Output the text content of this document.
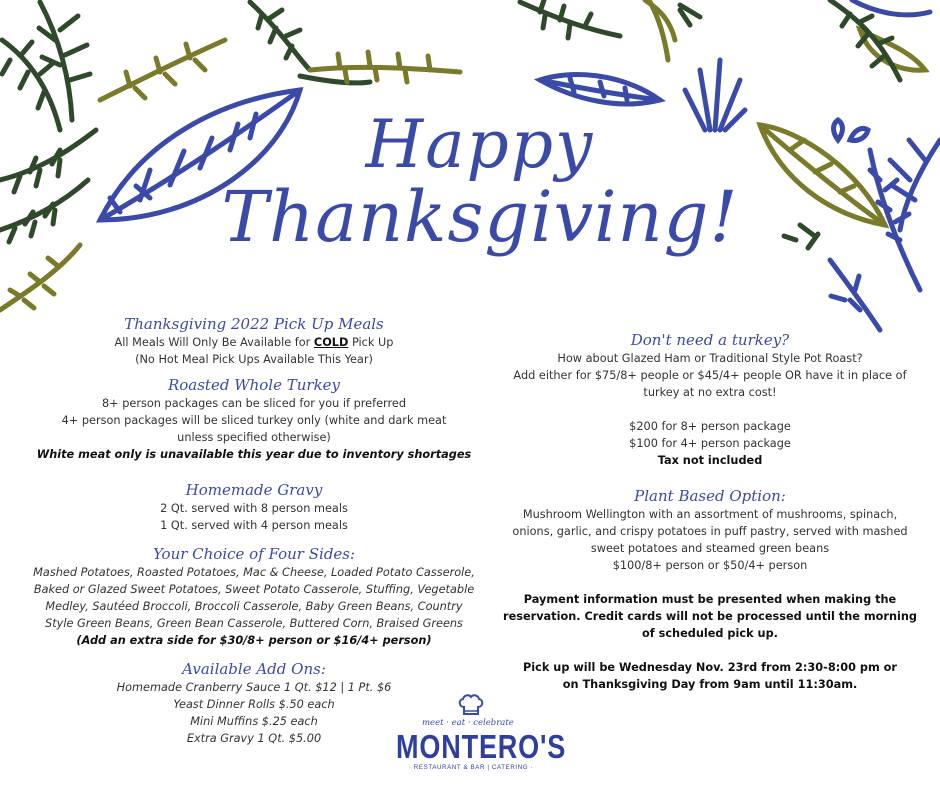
Happy
Thanksgiving!

Thanksgiving 2022 Pick Up Meals

All Meals Will Only Be Available for COLD Pick Up

(No Hot Meal Pick Ups Available This Year)

Roasted Whole Turkey

8+ person packages can be sliced for you if preferred

4+ person packages will be sliced turkey only (white and dark meat

unless specified otherwise)

White meat only is unavailable this year due to inventory shortages

Homemade Gravy

2 Qt. served with 8 person meals

1 Qt. served with 4 person meals

Your Choice of Four Sides:

Mashed Potatoes, Roasted Potatoes, Mac & Cheese, Loaded Potato Casserole,

Baked or Glazed Sweet Potatoes, Sweet Potato Casserole, Stuffing, Vegetable

Medley, Sautéed Broccoli, Broccoli Casserole, Baby Green Beans, Country

Style Green Beans, Green Bean Casserole, Buttered Corn, Braised Greens

(Add an extra side for $30/8+ person or $16/4+ person)

Available Add Ons:

Homemade Cranberry Sauce 1 Qt. $12 | 1 Pt. $6

Yeast Dinner Rolls $.50 each

Mini Muffins $.25 each

Extra Gravy 1 Qt. $5.00

Don't need a turkey?

How about Glazed Ham or Traditional Style Pot Roast?

Add either for $75/8+ people or $45/4+ people OR have it in place of

turkey at no extra cost!

$200 for 8+ person package

$100 for 4+ person package

Tax not included

Plant Based Option:

Mushroom Wellington with an assortment of mushrooms, spinach,

onions, garlic, and crispy potatoes in puff pastry, served with mashed

sweet potatoes and steamed green beans

$100/8+ person or $50/4+ person

Payment information must be presented when making the

reservation. Credit cards will not be processed until the morning

of scheduled pick up.

Pick up will be Wednesday Nov. 23rd from 2:30-8:00 pm or

on Thanksgiving Day from 9am until 11:30am.

meet · eat · celebrate
MONTERO'S
· RESTAURANT & BAR | CATERING ·
